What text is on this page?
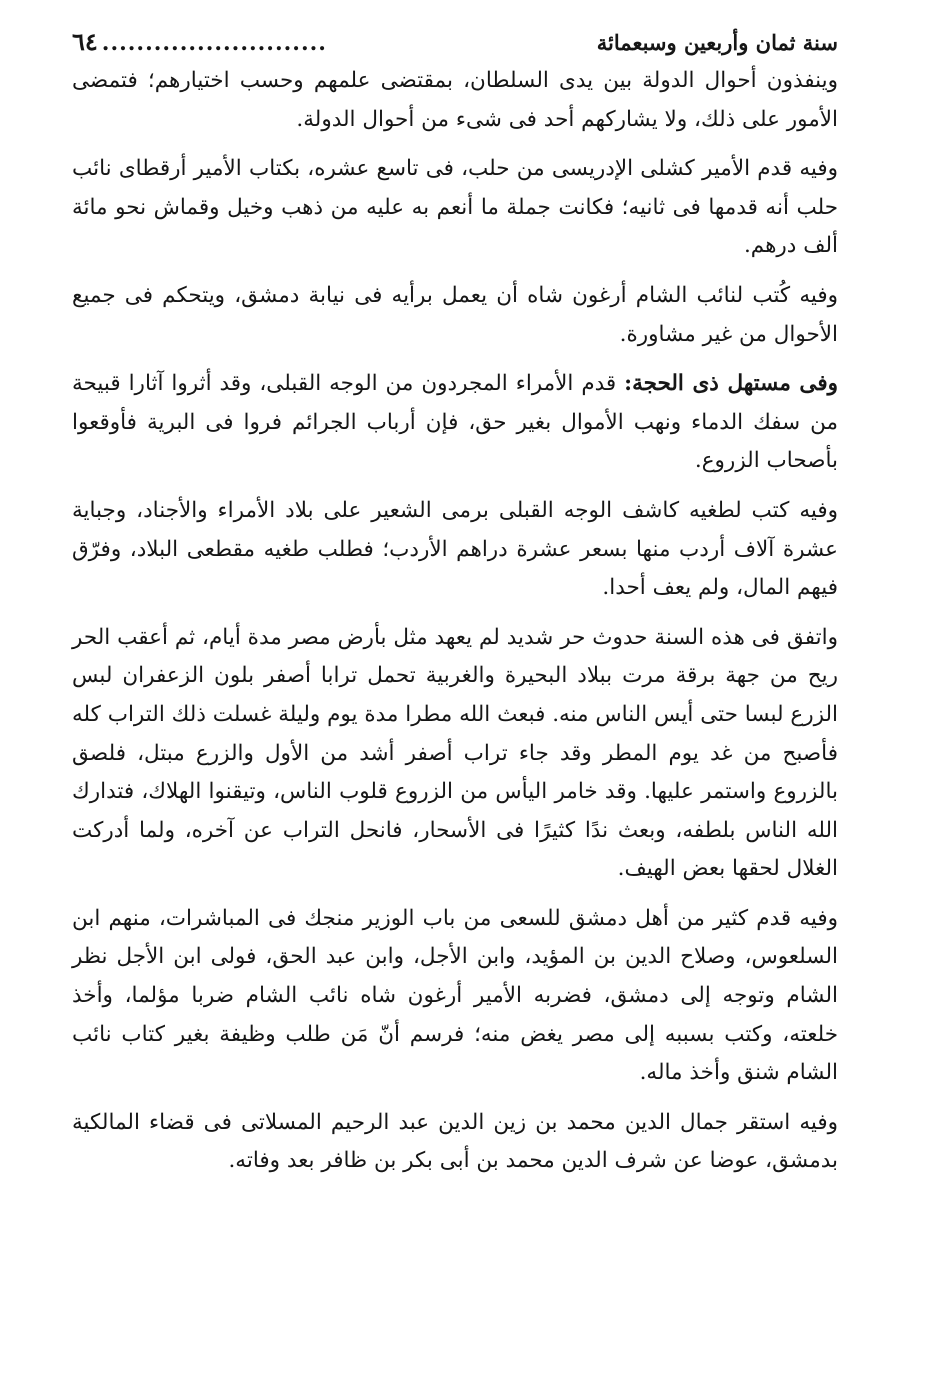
سنة ثمان وأربعين وسبعمائة
..........................
٦٤

وينفذون أحوال الدولة بين يدى السلطان، بمقتضى علمهم وحسب اختيارهم؛ فتمضى الأمور على ذلك، ولا يشاركهم أحد فى شىء من أحوال الدولة.

وفيه قدم الأمير كشلى الإدريسى من حلب، فى تاسع عشره، بكتاب الأمير أرقطاى نائب حلب أنه قدمها فى ثانيه؛ فكانت جملة ما أنعم به عليه من ذهب وخيل وقماش نحو مائة ألف درهم.

وفيه كُتب لنائب الشام أرغون شاه أن يعمل برأيه فى نيابة دمشق، ويتحكم فى جميع الأحوال من غير مشاورة.

وفى مستهل ذى الحجة: قدم الأمراء المجردون من الوجه القبلى، وقد أثروا آثارا قبيحة من سفك الدماء ونهب الأموال بغير حق، فإن أرباب الجرائم فروا فى البرية فأوقعوا بأصحاب الزروع.

وفيه كتب لطغيه كاشف الوجه القبلى برمى الشعير على بلاد الأمراء والأجناد، وجباية عشرة آلاف أردب منها بسعر عشرة دراهم الأردب؛ فطلب طغيه مقطعى البلاد، وفرّق فيهم المال، ولم يعف أحدا.

واتفق فى هذه السنة حدوث حر شديد لم يعهد مثل بأرض مصر مدة أيام، ثم أعقب الحر ريح من جهة برقة مرت ببلاد البحيرة والغربية تحمل ترابا أصفر بلون الزعفران لبس الزرع لبسا حتى أيس الناس منه. فبعث الله مطرا مدة يوم وليلة غسلت ذلك التراب كله فأصبح من غد يوم المطر وقد جاء تراب أصفر أشد من الأول والزرع مبتل، فلصق بالزروع واستمر عليها. وقد خامر اليأس من الزروع قلوب الناس، وتيقنوا الهلاك، فتدارك الله الناس بلطفه، وبعث ندًا كثيرًا فى الأسحار، فانحل التراب عن آخره، ولما أدركت الغلال لحقها بعض الهيف.

وفيه قدم كثير من أهل دمشق للسعى من باب الوزير منجك فى المباشرات، منهم ابن السلعوس، وصلاح الدين بن المؤيد، وابن الأجل، وابن عبد الحق، فولى ابن الأجل نظر الشام وتوجه إلى دمشق، فضربه الأمير أرغون شاه نائب الشام ضربا مؤلما، وأخذ خلعته، وكتب بسببه إلى مصر يغض منه؛ فرسم أنّ مَن طلب وظيفة بغير كتاب نائب الشام شنق وأخذ ماله.

وفيه استقر جمال الدين محمد بن زين الدين عبد الرحيم المسلاتى فى قضاء المالكية بدمشق، عوضا عن شرف الدين محمد بن أبى بكر بن ظافر بعد وفاته.
